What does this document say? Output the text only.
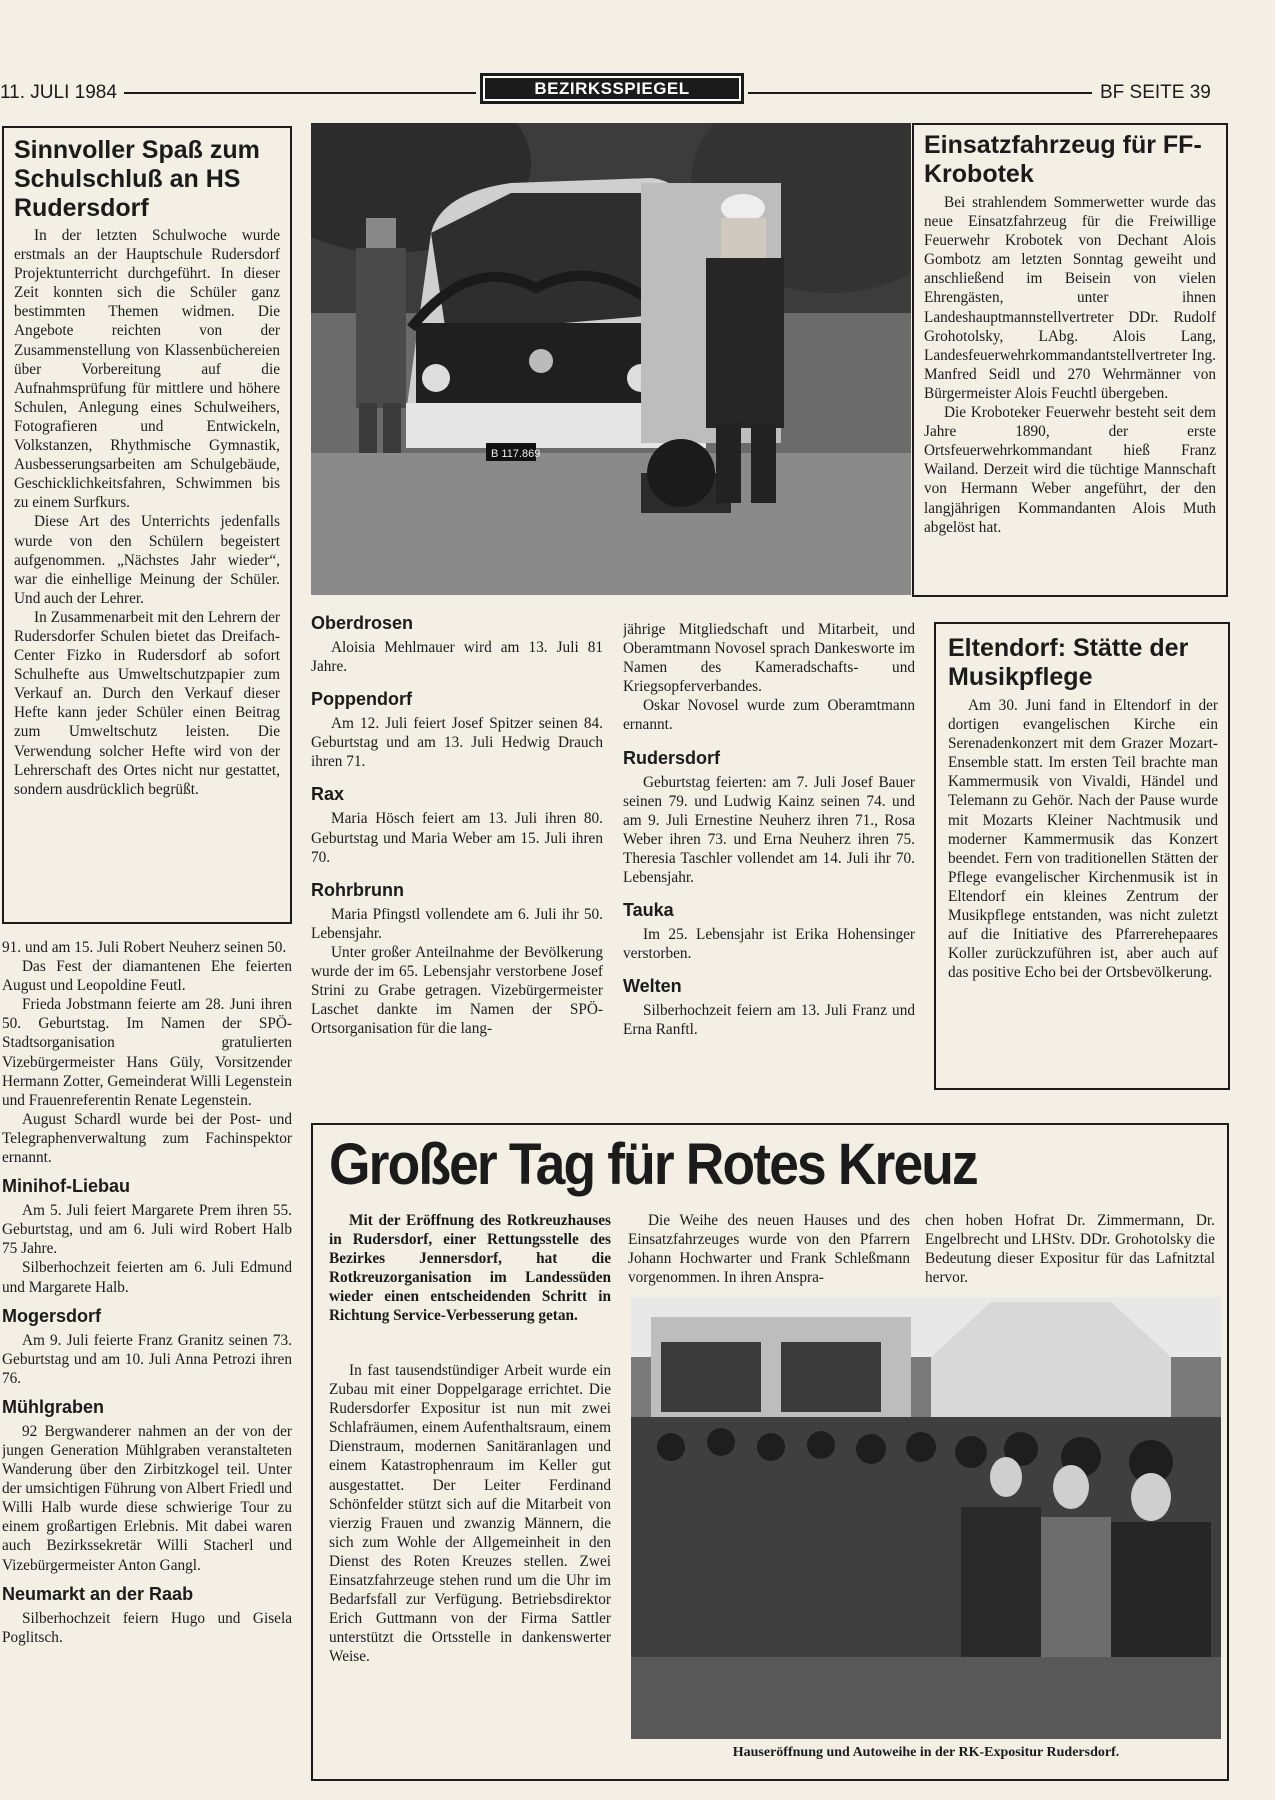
11. JULI 1984	BEZIRKSSPIEGEL	BF SEITE 39
Sinnvoller Spaß zum Schulschluß an HS Rudersdorf

In der letzten Schulwoche wurde erstmals an der Hauptschule Rudersdorf Projektunterricht durchgeführt. In dieser Zeit konnten sich die Schüler ganz bestimmten Themen widmen. Die Angebote reichten von der Zusammenstellung von Klassenbüchereien über Vorbereitung auf die Aufnahmsprüfung für mittlere und höhere Schulen, Anlegung eines Schulweihers, Fotografieren und Entwickeln, Volkstanzen, Rhythmische Gymnastik, Ausbesserungsarbeiten am Schulgebäude, Geschicklichkeitsfahren, Schwimmen bis zu einem Surfkurs.

Diese Art des Unterrichts jedenfalls wurde von den Schülern begeistert aufgenommen. „Nächstes Jahr wieder“, war die einhellige Meinung der Schüler. Und auch der Lehrer.

In Zusammenarbeit mit den Lehrern der Rudersdorfer Schulen bietet das Dreifach-Center Fizko in Rudersdorf ab sofort Schulhefte aus Umweltschutzpapier zum Verkauf an. Durch den Verkauf dieser Hefte kann jeder Schüler einen Beitrag zum Umweltschutz leisten. Die Verwendung solcher Hefte wird von der Lehrerschaft des Ortes nicht nur gestattet, sondern ausdrücklich begrüßt.

91. und am 15. Juli Robert Neuherz seinen 50.

Das Fest der diamantenen Ehe feierten August und Leopoldine Feutl.

Frieda Jobstmann feierte am 28. Juni ihren 50. Geburtstag. Im Namen der SPÖ-Stadtsorganisation gratulierten Vizebürgermeister Hans Güly, Vorsitzender Hermann Zotter, Gemeinderat Willi Legenstein und Frauenreferentin Renate Legenstein.

August Schardl wurde bei der Post- und Telegraphenverwaltung zum Fachinspektor ernannt.

Minihof-Liebau

Am 5. Juli feiert Margarete Prem ihren 55. Geburtstag, und am 6. Juli wird Robert Halb 75 Jahre.

Silberhochzeit feierten am 6. Juli Edmund und Margarete Halb.

Mogersdorf

Am 9. Juli feierte Franz Granitz seinen 73. Geburtstag und am 10. Juli Anna Petrozi ihren 76.

Mühlgraben

92 Bergwanderer nahmen an der von der jungen Generation Mühlgraben veranstalteten Wanderung über den Zirbitzkogel teil. Unter der umsichtigen Führung von Albert Friedl und Willi Halb wurde diese schwierige Tour zu einem großartigen Erlebnis. Mit dabei waren auch Bezirkssekretär Willi Stacherl und Vizebürgermeister Anton Gangl.

Neumarkt an der Raab

Silberhochzeit feiern Hugo und Gisela Poglitsch.

B 117.869
Einsatzfahrzeug für FF-Krobotek

Bei strahlendem Sommerwetter wurde das neue Einsatzfahrzeug für die Freiwillige Feuerwehr Krobotek von Dechant Alois Gombotz am letzten Sonntag geweiht und anschließend im Beisein von vielen Ehrengästen, unter ihnen Landeshauptmannstellvertreter DDr. Rudolf Grohotolsky, LAbg. Alois Lang, Landesfeuerwehrkommandantstellvertreter Ing. Manfred Seidl und 270 Wehrmänner von Bürgermeister Alois Feuchtl übergeben.

Die Kroboteker Feuerwehr besteht seit dem Jahre 1890, der erste Ortsfeuerwehrkommandant hieß Franz Wailand. Derzeit wird die tüchtige Mannschaft von Hermann Weber angeführt, der den langjährigen Kommandanten Alois Muth abgelöst hat.

Oberdrosen

Aloisia Mehlmauer wird am 13. Juli 81 Jahre.

Poppendorf

Am 12. Juli feiert Josef Spitzer seinen 84. Geburtstag und am 13. Juli Hedwig Drauch ihren 71.

Rax

Maria Hösch feiert am 13. Juli ihren 80. Geburtstag und Maria Weber am 15. Juli ihren 70.

Rohrbrunn

Maria Pfingstl vollendete am 6. Juli ihr 50. Lebensjahr.

Unter großer Anteilnahme der Bevölkerung wurde der im 65. Lebensjahr verstorbene Josef Strini zu Grabe getragen. Vizebürgermeister Laschet dankte im Namen der SPÖ-Ortsorganisation für die lang-

jährige Mitgliedschaft und Mitarbeit, und Oberamtmann Novosel sprach Dankesworte im Namen des Kameradschafts- und Kriegsopferverbandes.

Oskar Novosel wurde zum Oberamtmann ernannt.

Rudersdorf

Geburtstag feierten: am 7. Juli Josef Bauer seinen 79. und Ludwig Kainz seinen 74. und am 9. Juli Ernestine Neuherz ihren 71., Rosa Weber ihren 73. und Erna Neuherz ihren 75. Theresia Taschler vollendet am 14. Juli ihr 70. Lebensjahr.

Tauka

Im 25. Lebensjahr ist Erika Hohensinger verstorben.

Welten

Silberhochzeit feiern am 13. Juli Franz und Erna Ranftl.

Eltendorf: Stätte der Musikpflege

Am 30. Juni fand in Eltendorf in der dortigen evangelischen Kirche ein Serenadenkonzert mit dem Grazer Mozart-Ensemble statt. Im ersten Teil brachte man Kammermusik von Vivaldi, Händel und Telemann zu Gehör. Nach der Pause wurde mit Mozarts Kleiner Nachtmusik und moderner Kammermusik das Konzert beendet. Fern von traditionellen Stätten der Pflege evangelischer Kirchenmusik ist in Eltendorf ein kleines Zentrum der Musikpflege entstanden, was nicht zuletzt auf die Initiative des Pfarrerehepaares Koller zurückzuführen ist, aber auch auf das positive Echo bei der Ortsbevölkerung.

Großer Tag für Rotes Kreuz

Mit der Eröffnung des Rotkreuzhauses in Rudersdorf, einer Rettungsstelle des Bezirkes Jennersdorf, hat die Rotkreuzorganisation im Landessüden wieder einen entscheidenden Schritt in Richtung Service-Verbesserung getan.

In fast tausendstündiger Arbeit wurde ein Zubau mit einer Doppelgarage errichtet. Die Rudersdorfer Expositur ist nun mit zwei Schlafräumen, einem Aufenthaltsraum, einem Dienstraum, modernen Sanitäranlagen und einem Katastrophenraum im Keller gut ausgestattet. Der Leiter Ferdinand Schönfelder stützt sich auf die Mitarbeit von vierzig Frauen und zwanzig Männern, die sich zum Wohle der Allgemeinheit in den Dienst des Roten Kreuzes stellen. Zwei Einsatzfahrzeuge stehen rund um die Uhr im Bedarfsfall zur Verfügung. Betriebsdirektor Erich Guttmann von der Firma Sattler unterstützt die Ortsstelle in dankenswerter Weise.

Die Weihe des neuen Hauses und des Einsatzfahrzeuges wurde von den Pfarrern Johann Hochwarter und Frank Schleßmann vorgenommen. In ihren Anspra-

chen hoben Hofrat Dr. Zimmermann, Dr. Engelbrecht und LHStv. DDr. Grohotolsky die Bedeutung dieser Expositur für das Lafnitztal hervor.

Hauseröffnung und Autoweihe in der RK-Expositur Rudersdorf.
